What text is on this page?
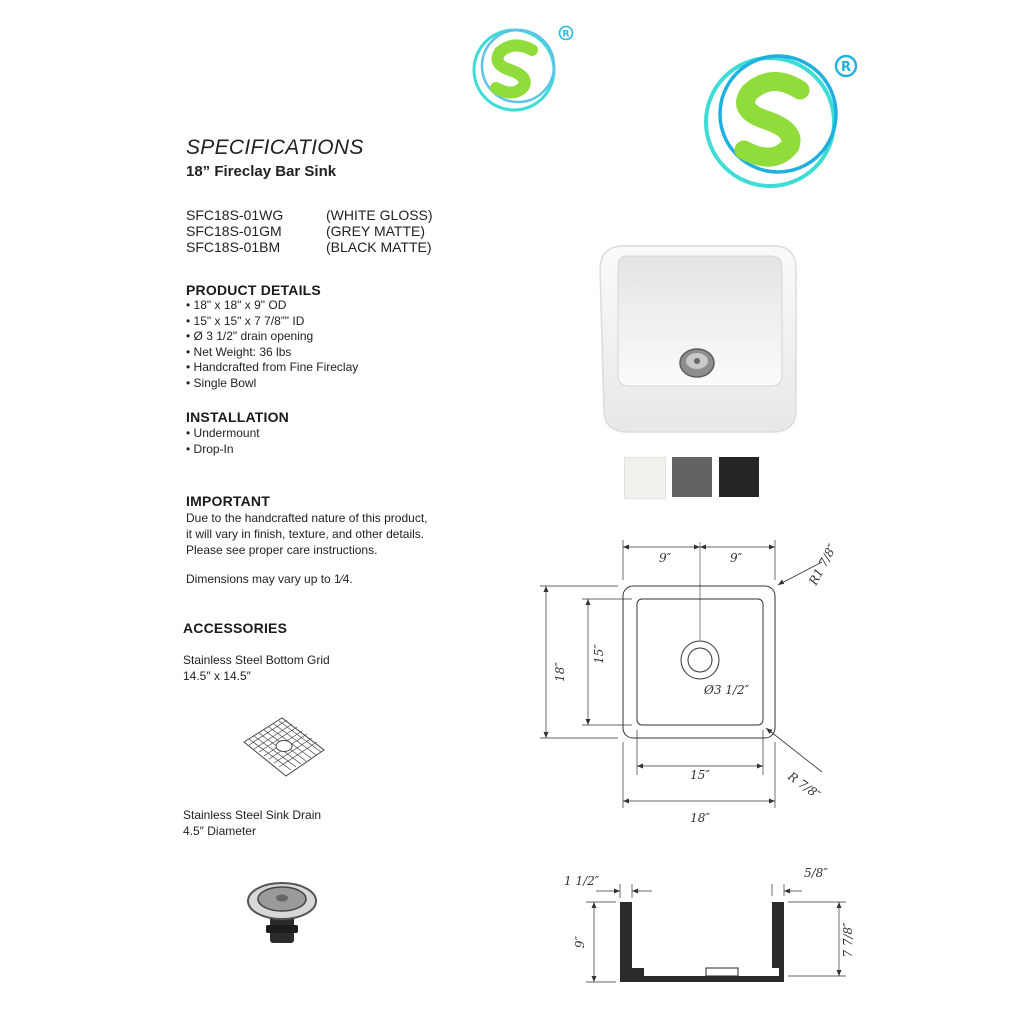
R
R
SPECIFICATIONS
18” Fireclay Bar Sink
SFC18S-01WG	(WHITE GLOSS)
SFC18S-01GM	(GREY MATTE)
SFC18S-01BM	(BLACK MATTE)
PRODUCT DETAILS
• 18" x 18" x 9" OD
• 15" x 15" x 7 7/8”" ID
• Ø 3 1/2" drain opening
• Net Weight: 36 lbs
• Handcrafted from Fine Fireclay
• Single Bowl
INSTALLATION
• Undermount
• Drop-In
IMPORTANT
Due to the handcrafted nature of this product,
it will vary in finish, texture, and other details.
Please see proper care instructions.
Dimensions may vary up to 1⁄4.
ACCESSORIES
Stainless Steel Bottom Grid
14.5″ x 14.5″
Stainless Steel Sink Drain
4.5″ Diameter
9″	9″	R1 7/8″
18″
15″
Ø3 1/2″
15″	R 7/8″
18″
1 1/2″
5/8″
9″	7 7/8″
